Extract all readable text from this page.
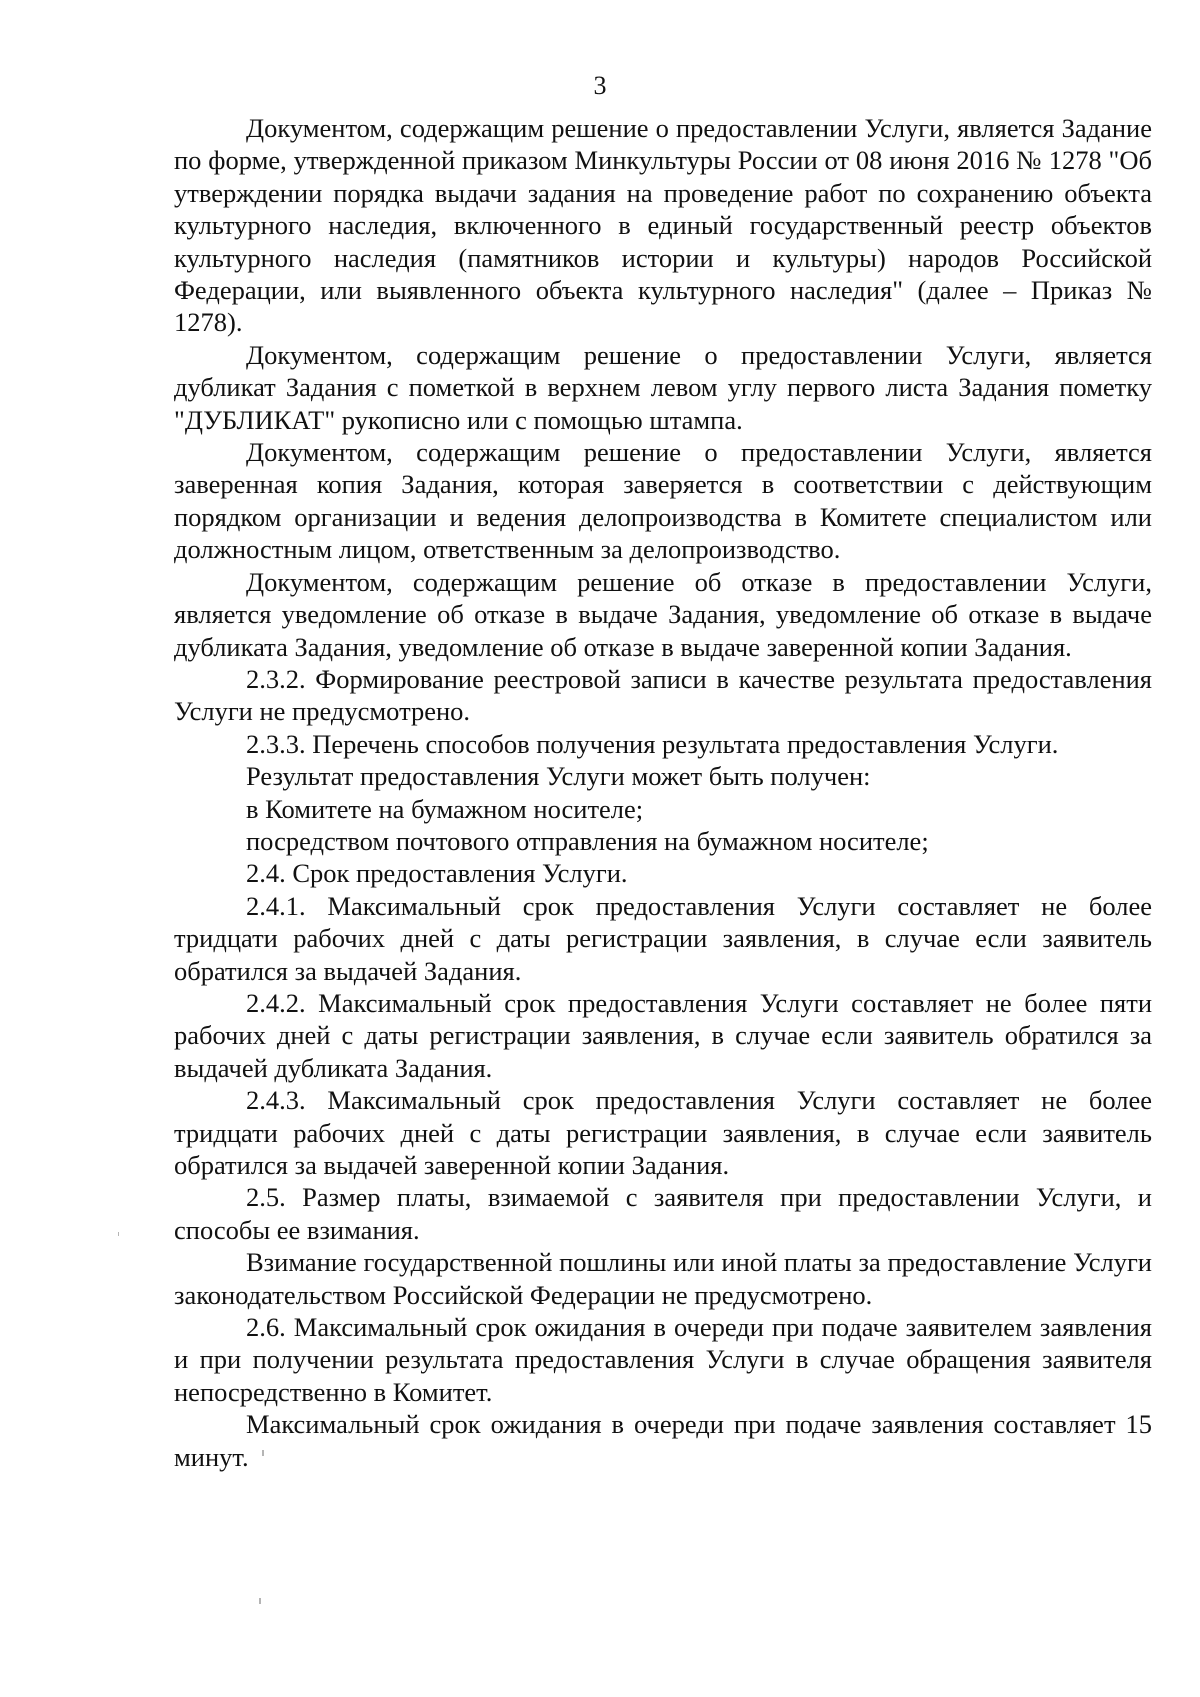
3

Документом, содержащим решение о предоставлении Услуги, является Задание по форме, утвержденной приказом Минкультуры России от 08 июня 2016 № 1278 "Об утверждении порядка выдачи задания на проведение работ по сохранению объекта культурного наследия, включенного в единый государственный реестр объектов культурного наследия (памятников истории и культуры) народов Российской Федерации, или выявленного объекта культурного наследия" (далее – Приказ № 1278).

Документом, содержащим решение о предоставлении Услуги, является дубликат Задания с пометкой в верхнем левом углу первого листа Задания пометку "ДУБЛИКАТ" рукописно или с помощью штампа.

Документом, содержащим решение о предоставлении Услуги, является заверенная копия Задания, которая заверяется в соответствии с действующим порядком организации и ведения делопроизводства в Комитете специалистом или должностным лицом, ответственным за делопроизводство.

Документом, содержащим решение об отказе в предоставлении Услуги, является уведомление об отказе в выдаче Задания, уведомление об отказе в выдаче дубликата Задания, уведомление об отказе в выдаче заверенной копии Задания.

2.3.2. Формирование реестровой записи в качестве результата предоставления Услуги не предусмотрено.

2.3.3. Перечень способов получения результата предоставления Услуги.

Результат предоставления Услуги может быть получен:

в Комитете на бумажном носителе;

посредством почтового отправления на бумажном носителе;

2.4. Срок предоставления Услуги.

2.4.1. Максимальный срок предоставления Услуги составляет не более тридцати рабочих дней с даты регистрации заявления, в случае если заявитель обратился за выдачей Задания.

2.4.2. Максимальный срок предоставления Услуги составляет не более пяти рабочих дней с даты регистрации заявления, в случае если заявитель обратился за выдачей дубликата Задания.

2.4.3. Максимальный срок предоставления Услуги составляет не более тридцати рабочих дней с даты регистрации заявления, в случае если заявитель обратился за выдачей заверенной копии Задания.

2.5. Размер платы, взимаемой с заявителя при предоставлении Услуги, и способы ее взимания.

Взимание государственной пошлины или иной платы за предоставление Услуги законодательством Российской Федерации не предусмотрено.

2.6. Максимальный срок ожидания в очереди при подаче заявителем заявления и при получении результата предоставления Услуги в случае обращения заявителя непосредственно в Комитет.

Максимальный срок ожидания в очереди при подаче заявления составляет 15 минут.
